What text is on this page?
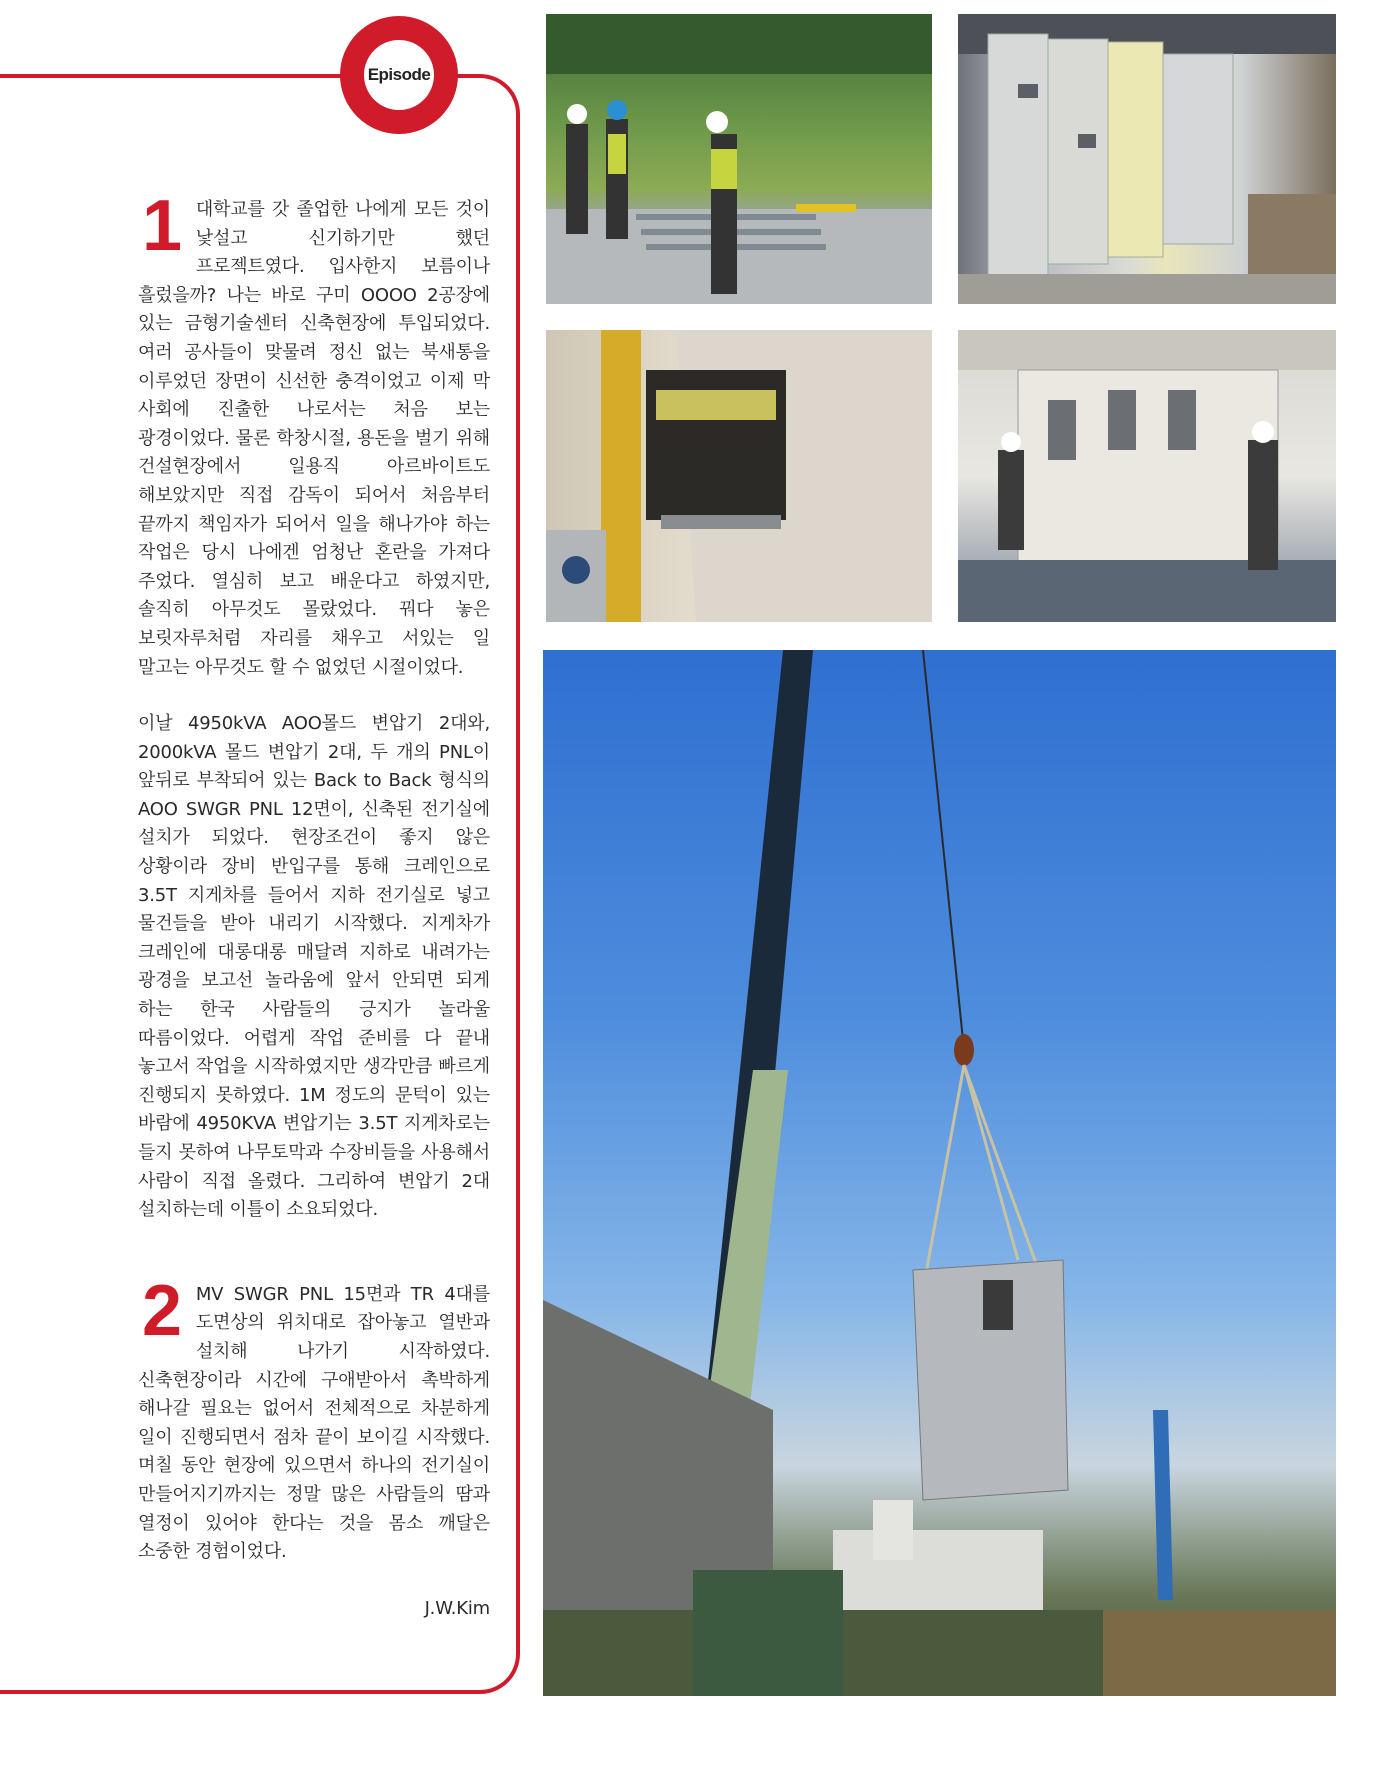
Episode

1 대학교를 갓 졸업한 나에게 모든 것이 낯설고 신기하기만 했던 프로젝트였다. 입사한지 보름이나 흘렀을까? 나는 바로 구미 OOOO 2공장에 있는 금형기술센터 신축현장에 투입되었다. 여러 공사들이 맞물려 정신 없는 북새통을 이루었던 장면이 신선한 충격이었고 이제 막 사회에 진출한 나로서는 처음 보는 광경이었다. 물론 학창시절, 용돈을 벌기 위해 건설현장에서 일용직 아르바이트도 해보았지만 직접 감독이 되어서 처음부터 끝까지 책임자가 되어서 일을 해나가야 하는 작업은 당시 나에겐 엄청난 혼란을 가져다 주었다. 열심히 보고 배운다고 하였지만, 솔직히 아무것도 몰랐었다. 꿔다 놓은 보릿자루처럼 자리를 채우고 서있는 일 말고는 아무것도 할 수 없었던 시절이었다.

이날 4950kVA AOO몰드 변압기 2대와, 2000kVA 몰드 변압기 2대, 두 개의 PNL이 앞뒤로 부착되어 있는 Back to Back 형식의 AOO SWGR PNL 12면이, 신축된 전기실에 설치가 되었다. 현장조건이 좋지 않은 상황이라 장비 반입구를 통해 크레인으로 3.5T 지게차를 들어서 지하 전기실로 넣고 물건들을 받아 내리기 시작했다. 지게차가 크레인에 대롱대롱 매달려 지하로 내려가는 광경을 보고선 놀라움에 앞서 안되면 되게 하는 한국 사람들의 긍지가 놀라울 따름이었다. 어렵게 작업 준비를 다 끝내 놓고서 작업을 시작하였지만 생각만큼 빠르게 진행되지 못하였다. 1M 정도의 문턱이 있는 바람에 4950KVA 변압기는 3.5T 지게차로는 들지 못하여 나무토막과 수장비들을 사용해서 사람이 직접 올렸다. 그리하여 변압기 2대 설치하는데 이틀이 소요되었다.

2 MV SWGR PNL 15면과 TR 4대를 도면상의 위치대로 잡아놓고 열반과 설치해 나가기 시작하였다. 신축현장이라 시간에 구애받아서 촉박하게 해나갈 필요는 없어서 전체적으로 차분하게 일이 진행되면서 점차 끝이 보이길 시작했다. 며칠 동안 현장에 있으면서 하나의 전기실이 만들어지기까지는 정말 많은 사람들의 땀과 열정이 있어야 한다는 것을 몸소 깨달은 소중한 경험이었다.

J.W.Kim
